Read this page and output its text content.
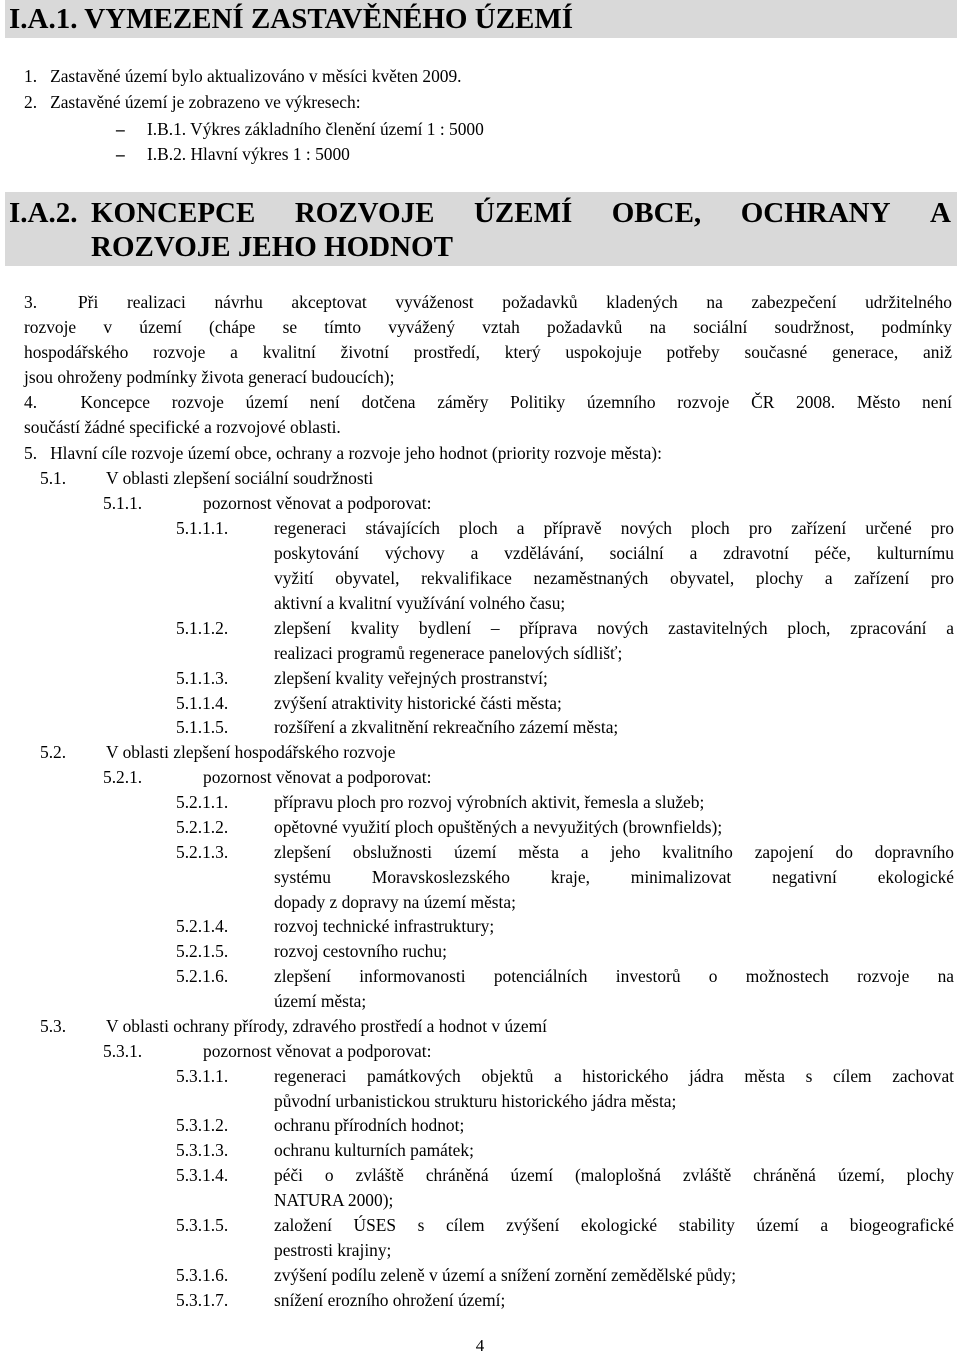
I.A.1. VYMEZENÍ ZASTAVĚNÉHO ÚZEMÍ
1.   Zastavěné území bylo aktualizováno v měsíci květen 2009.
2.   Zastavěné území je zobrazeno ve výkresech:
– I.B.1. Výkres základního členění území 1 : 5000
– I.B.2. Hlavní výkres 1 : 5000
I.A.2. KONCEPCE ROZVOJE ÚZEMÍ OBCE, OCHRANY A
ROZVOJE JEHO HODNOT
3. Při realizaci návrhu akceptovat vyváženost požadavků kladených na zabezpečení udržitelného
rozvoje v území (chápe se tímto vyvážený vztah požadavků na sociální soudržnost, podmínky
hospodářského rozvoje a kvalitní životní prostředí, který uspokojuje potřeby současné generace, aniž
jsou ohroženy podmínky života generací budoucích);
4.  Koncepce rozvoje území není dotčena záměry Politiky územního rozvoje ČR 2008. Město není
součástí žádné specifické a rozvojové oblasti.
5.   Hlavní cíle rozvoje území obce, ochrany a rozvoje jeho hodnot (priority rozvoje města):
5.1. V oblasti zlepšení sociální soudržnosti
5.1.1.	pozornost věnovat a podporovat:
5.1.1.1.	regeneraci stávajících ploch a přípravě nových ploch pro zařízení určené pro
poskytování výchovy a vzdělávání, sociální a zdravotní péče, kulturnímu
vyžití obyvatel, rekvalifikace nezaměstnaných obyvatel, plochy a zařízení pro
aktivní a kvalitní využívání volného času;
5.1.1.2.	zlepšení kvality bydlení – příprava nových zastavitelných ploch, zpracování a
realizaci programů regenerace panelových sídlišť;
5.1.1.3.	zlepšení kvality veřejných prostranství;
5.1.1.4.	zvýšení atraktivity historické části města;
5.1.1.5.	rozšíření a zkvalitnění rekreačního zázemí města;
5.2. V oblasti zlepšení hospodářského rozvoje
5.2.1.	pozornost věnovat a podporovat:
5.2.1.1.	přípravu ploch pro rozvoj výrobních aktivit, řemesla a služeb;
5.2.1.2.	opětovné využití ploch opuštěných a nevyužitých (brownfields);
5.2.1.3.	zlepšení obslužnosti území města a jeho kvalitního zapojení do dopravního
systému Moravskoslezského kraje, minimalizovat negativní ekologické
dopady z dopravy na území města;
5.2.1.4.	rozvoj technické infrastruktury;
5.2.1.5.	rozvoj cestovního ruchu;
5.2.1.6.	zlepšení informovanosti potenciálních investorů o možnostech rozvoje na
území města;
5.3. V oblasti ochrany přírody, zdravého prostředí a hodnot v území
5.3.1.	pozornost věnovat a podporovat:
5.3.1.1.	regeneraci památkových objektů a historického jádra města s cílem zachovat
původní urbanistickou strukturu historického jádra města;
5.3.1.2.	ochranu přírodních hodnot;
5.3.1.3.	ochranu kulturních památek;
5.3.1.4.	péči o zvláště chráněná území (maloplošná zvláště chráněná území, plochy
NATURA 2000);
5.3.1.5.	založení ÚSES s cílem zvýšení ekologické stability území a biogeografické
pestrosti krajiny;
5.3.1.6.	zvýšení podílu zeleně v území a snížení zornění zemědělské půdy;
5.3.1.7.	snížení erozního ohrožení území;
4
